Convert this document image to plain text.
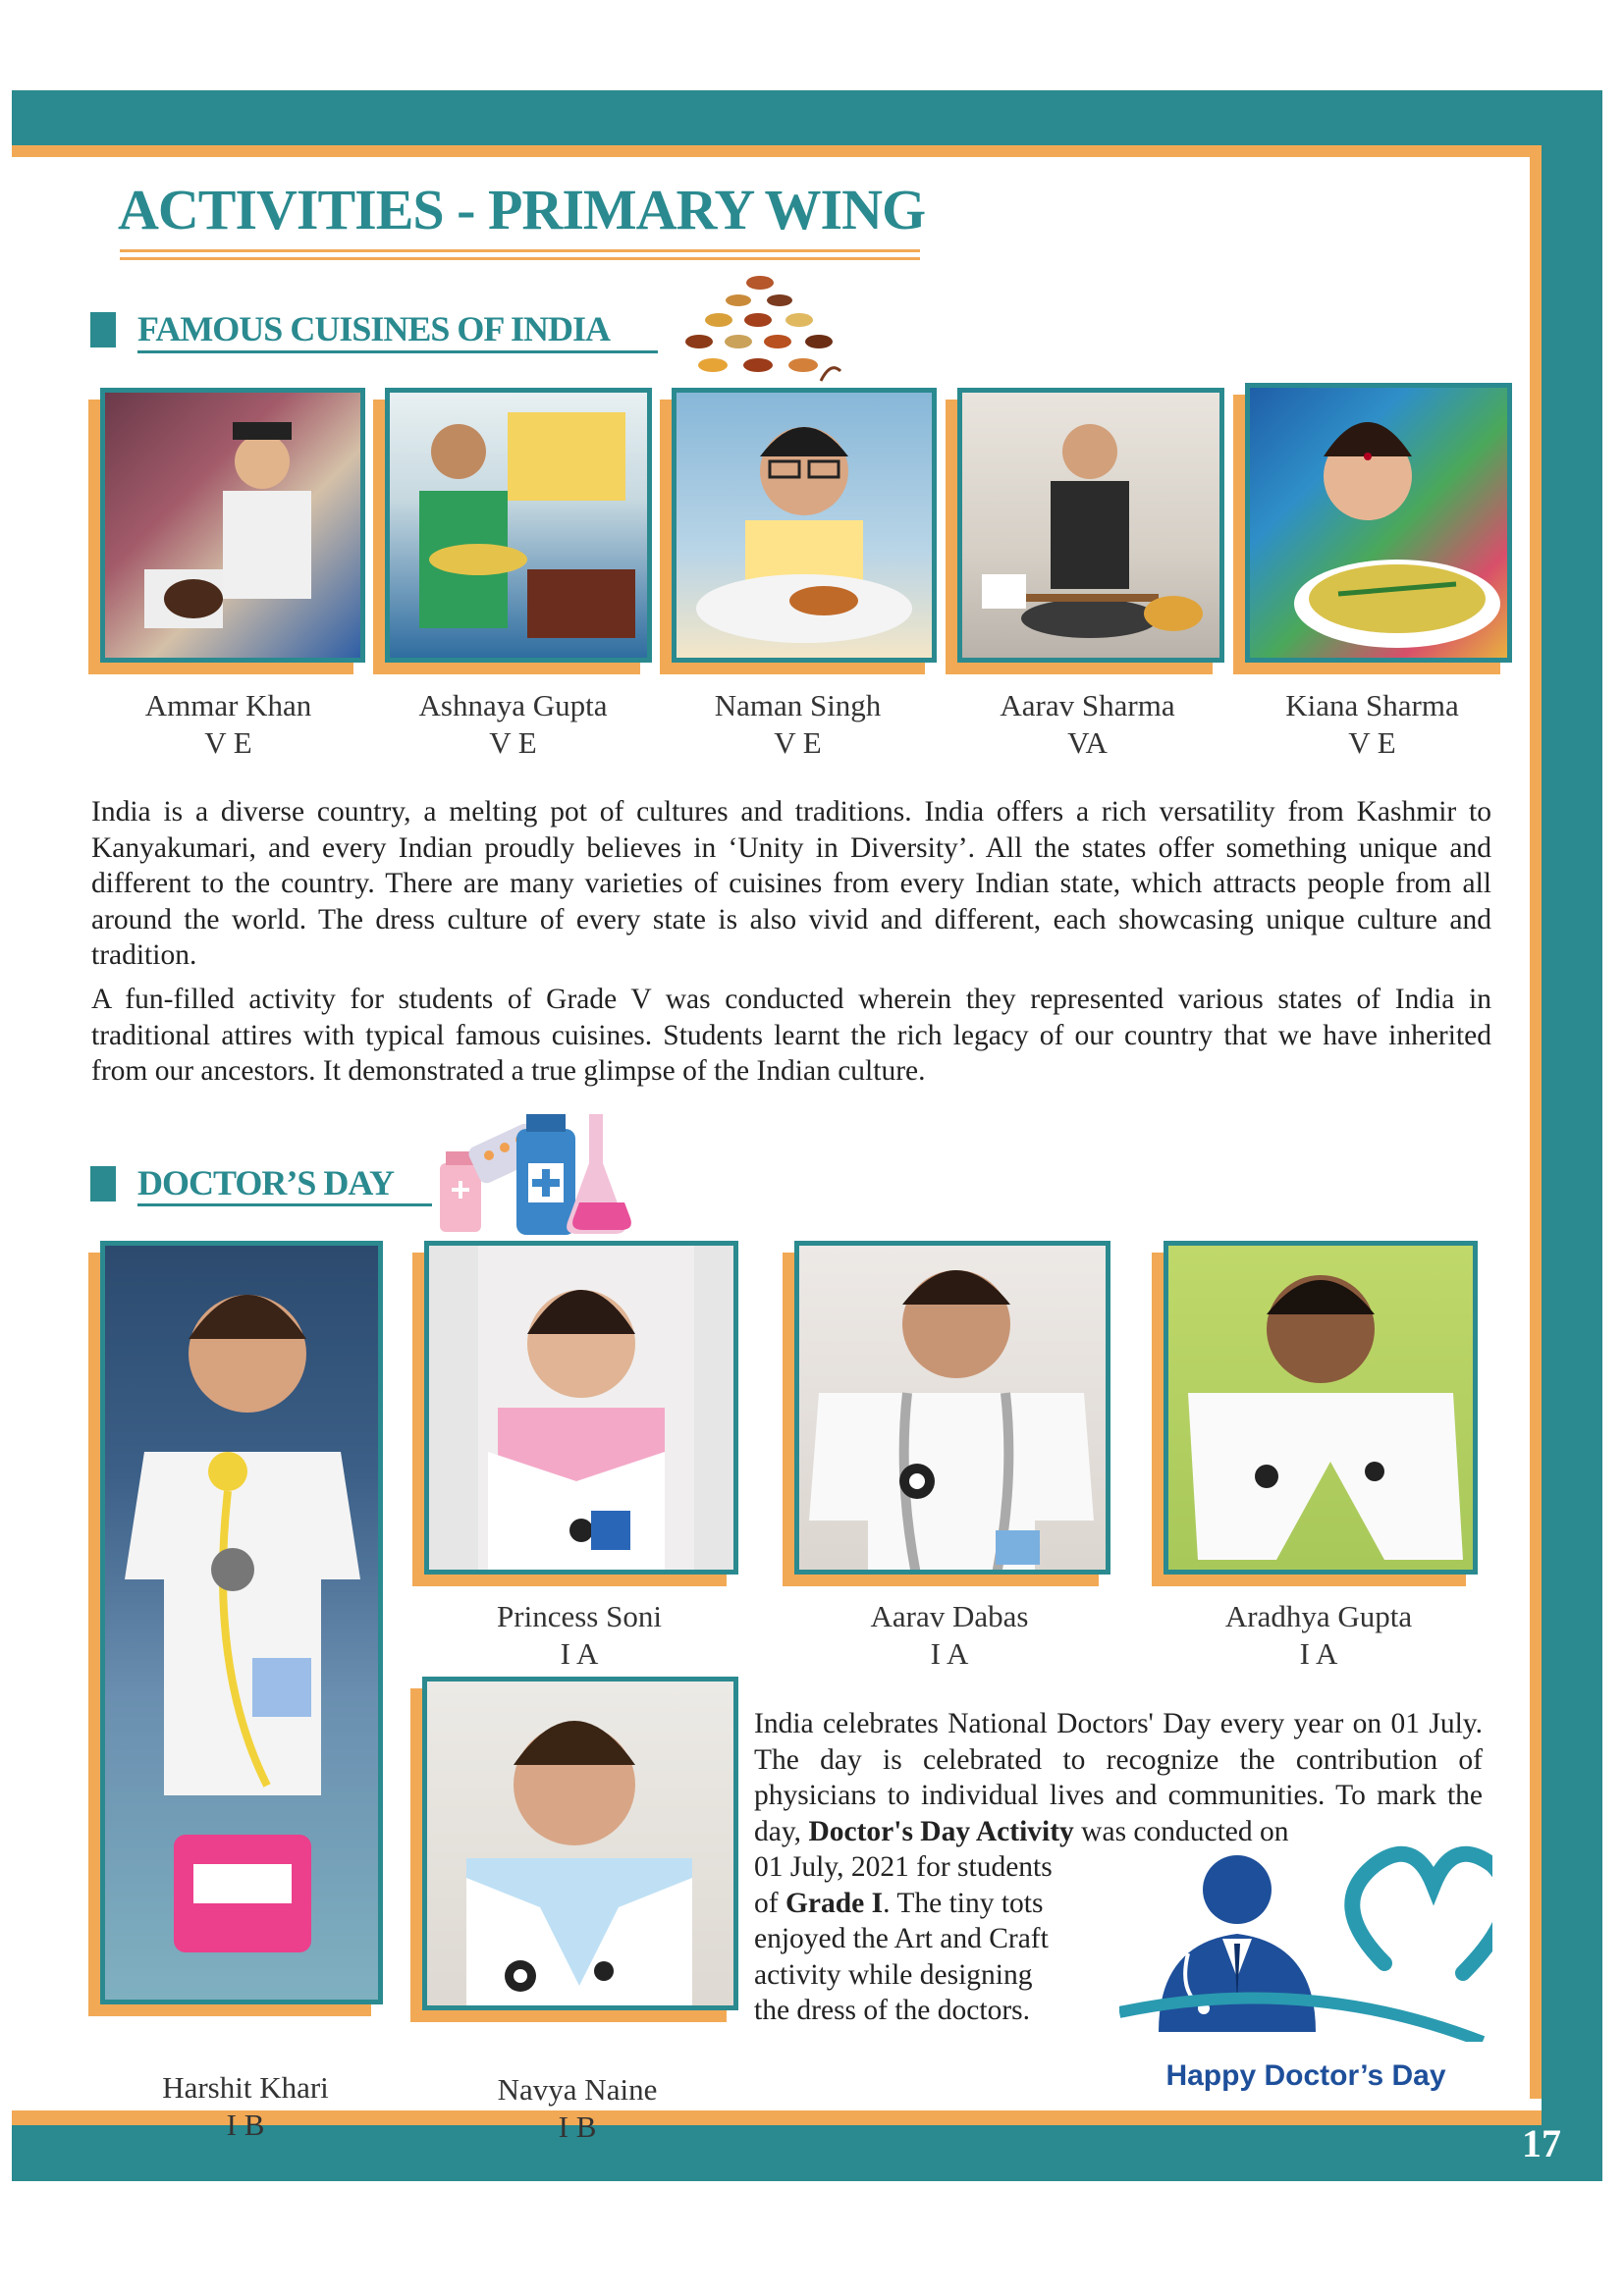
17
ACTIVITIES - PRIMARY WING
FAMOUS CUISINES OF INDIA
Ammar Khan
V E
Ashnaya Gupta
V E
Naman Singh
V E
Aarav Sharma
VA
Kiana Sharma
V E
India is a diverse country, a melting pot of cultures and traditions. India offers a rich versatility from Kashmir to Kanyakumari, and every Indian proudly believes in ‘Unity in Diversity’. All the states offer something unique and different to the country. There are many varieties of cuisines from every Indian state, which attracts people from all around the world. The dress culture of every state is also vivid and different, each showcasing unique culture and tradition.
A fun-filled activity for students of Grade V was conducted wherein they represented various states of India in traditional attires with typical famous cuisines. Students learnt the rich legacy of our country that we have inherited from our ancestors. It demonstrated a true glimpse of the Indian culture.
DOCTOR’S DAY
Harshit Khari
I B
Princess Soni
I A
Aarav Dabas
I A
Aradhya Gupta
I A
Navya Naine
I B
India celebrates National Doctors' Day every year on 01 July. The day is celebrated to recognize the contribution of physicians to individual lives and communities. To mark the day, Doctor's Day Activity was conducted on
01 July, 2021 for students
of Grade I. The tiny tots
enjoyed the Art and Craft
activity while designing
the dress of the doctors.
Happy Doctor’s Day
